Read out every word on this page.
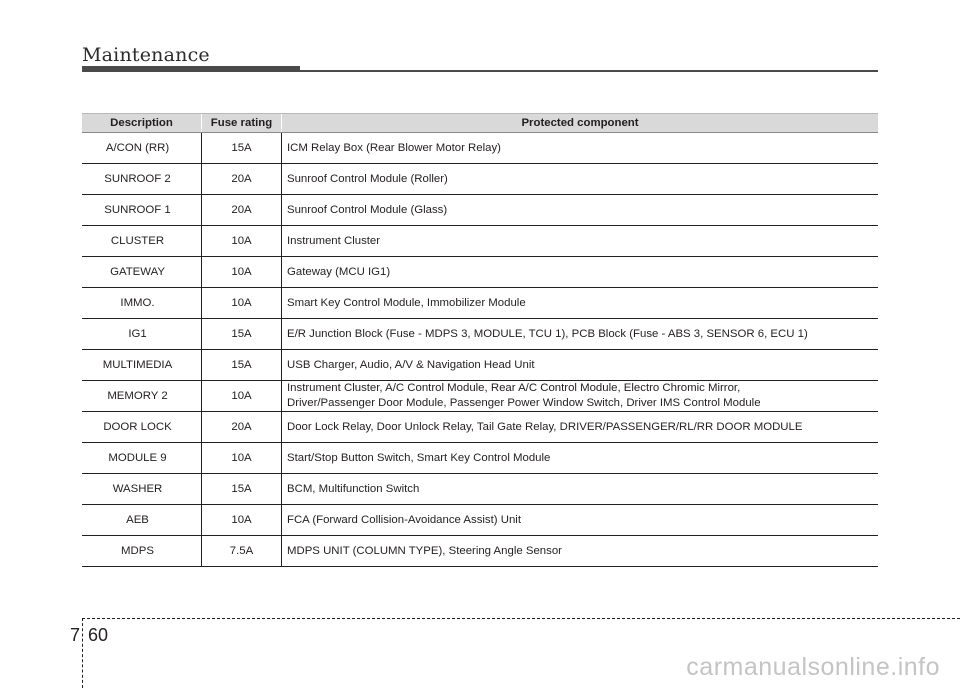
Maintenance
Description	Fuse rating	Protected component
A/CON (RR)	15A	ICM Relay Box (Rear Blower Motor Relay)
SUNROOF 2	20A	Sunroof Control Module (Roller)
SUNROOF 1	20A	Sunroof Control Module (Glass)
CLUSTER	10A	Instrument Cluster
GATEWAY	10A	Gateway (MCU IG1)
IMMO.	10A	Smart Key Control Module, Immobilizer Module
IG1	15A	E/R Junction Block (Fuse - MDPS 3, MODULE, TCU 1), PCB Block (Fuse - ABS 3, SENSOR 6, ECU 1)
MULTIMEDIA	15A	USB Charger, Audio, A/V & Navigation Head Unit
MEMORY 2	10A	Instrument Cluster, A/C Control Module, Rear A/C Control Module, Electro Chromic Mirror,
Driver/Passenger Door Module, Passenger Power Window Switch, Driver IMS Control Module

DOOR LOCK	20A	Door Lock Relay, Door Unlock Relay, Tail Gate Relay, DRIVER/PASSENGER/RL/RR DOOR MODULE
MODULE 9	10A	Start/Stop Button Switch, Smart Key Control Module
WASHER	15A	BCM, Multifunction Switch
AEB	10A	FCA (Forward Collision-Avoidance Assist) Unit
MDPS	7.5A	MDPS UNIT (COLUMN TYPE), Steering Angle Sensor
7 60
carmanualsonline.info
